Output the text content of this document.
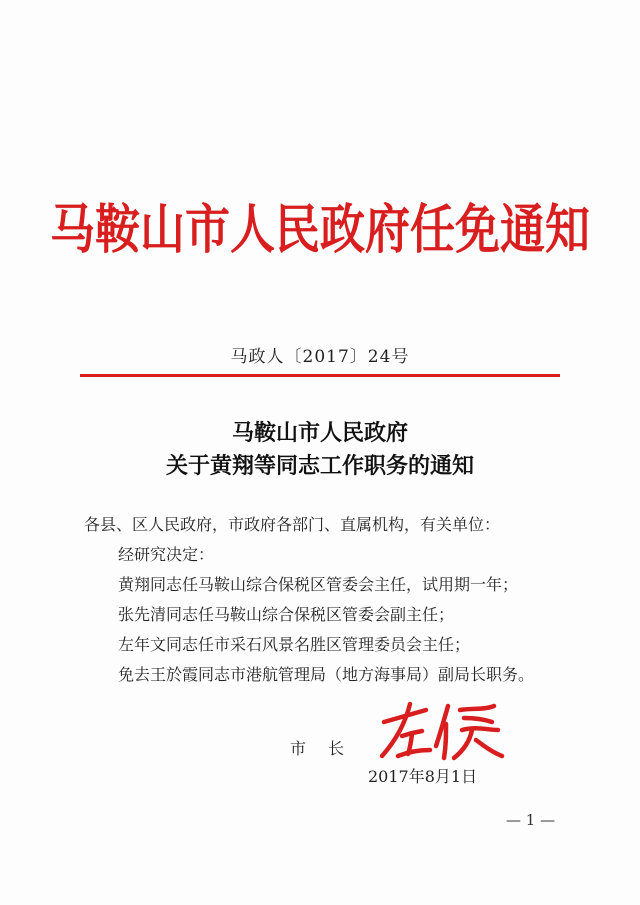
马鞍山市人民政府任免通知
马政人〔2017〕24号
马鞍山市人民政府
关于黄翔等同志工作职务的通知
各县、区人民政府，市政府各部门、直属机构，有关单位：
经研究决定：
黄翔同志任马鞍山综合保税区管委会主任，试用期一年；
张先清同志任马鞍山综合保税区管委会副主任；
左年文同志任市采石风景名胜区管理委员会主任；
免去王於霞同志市港航管理局（地方海事局）副局长职务。
市长
2017年8月1日
— 1 —
